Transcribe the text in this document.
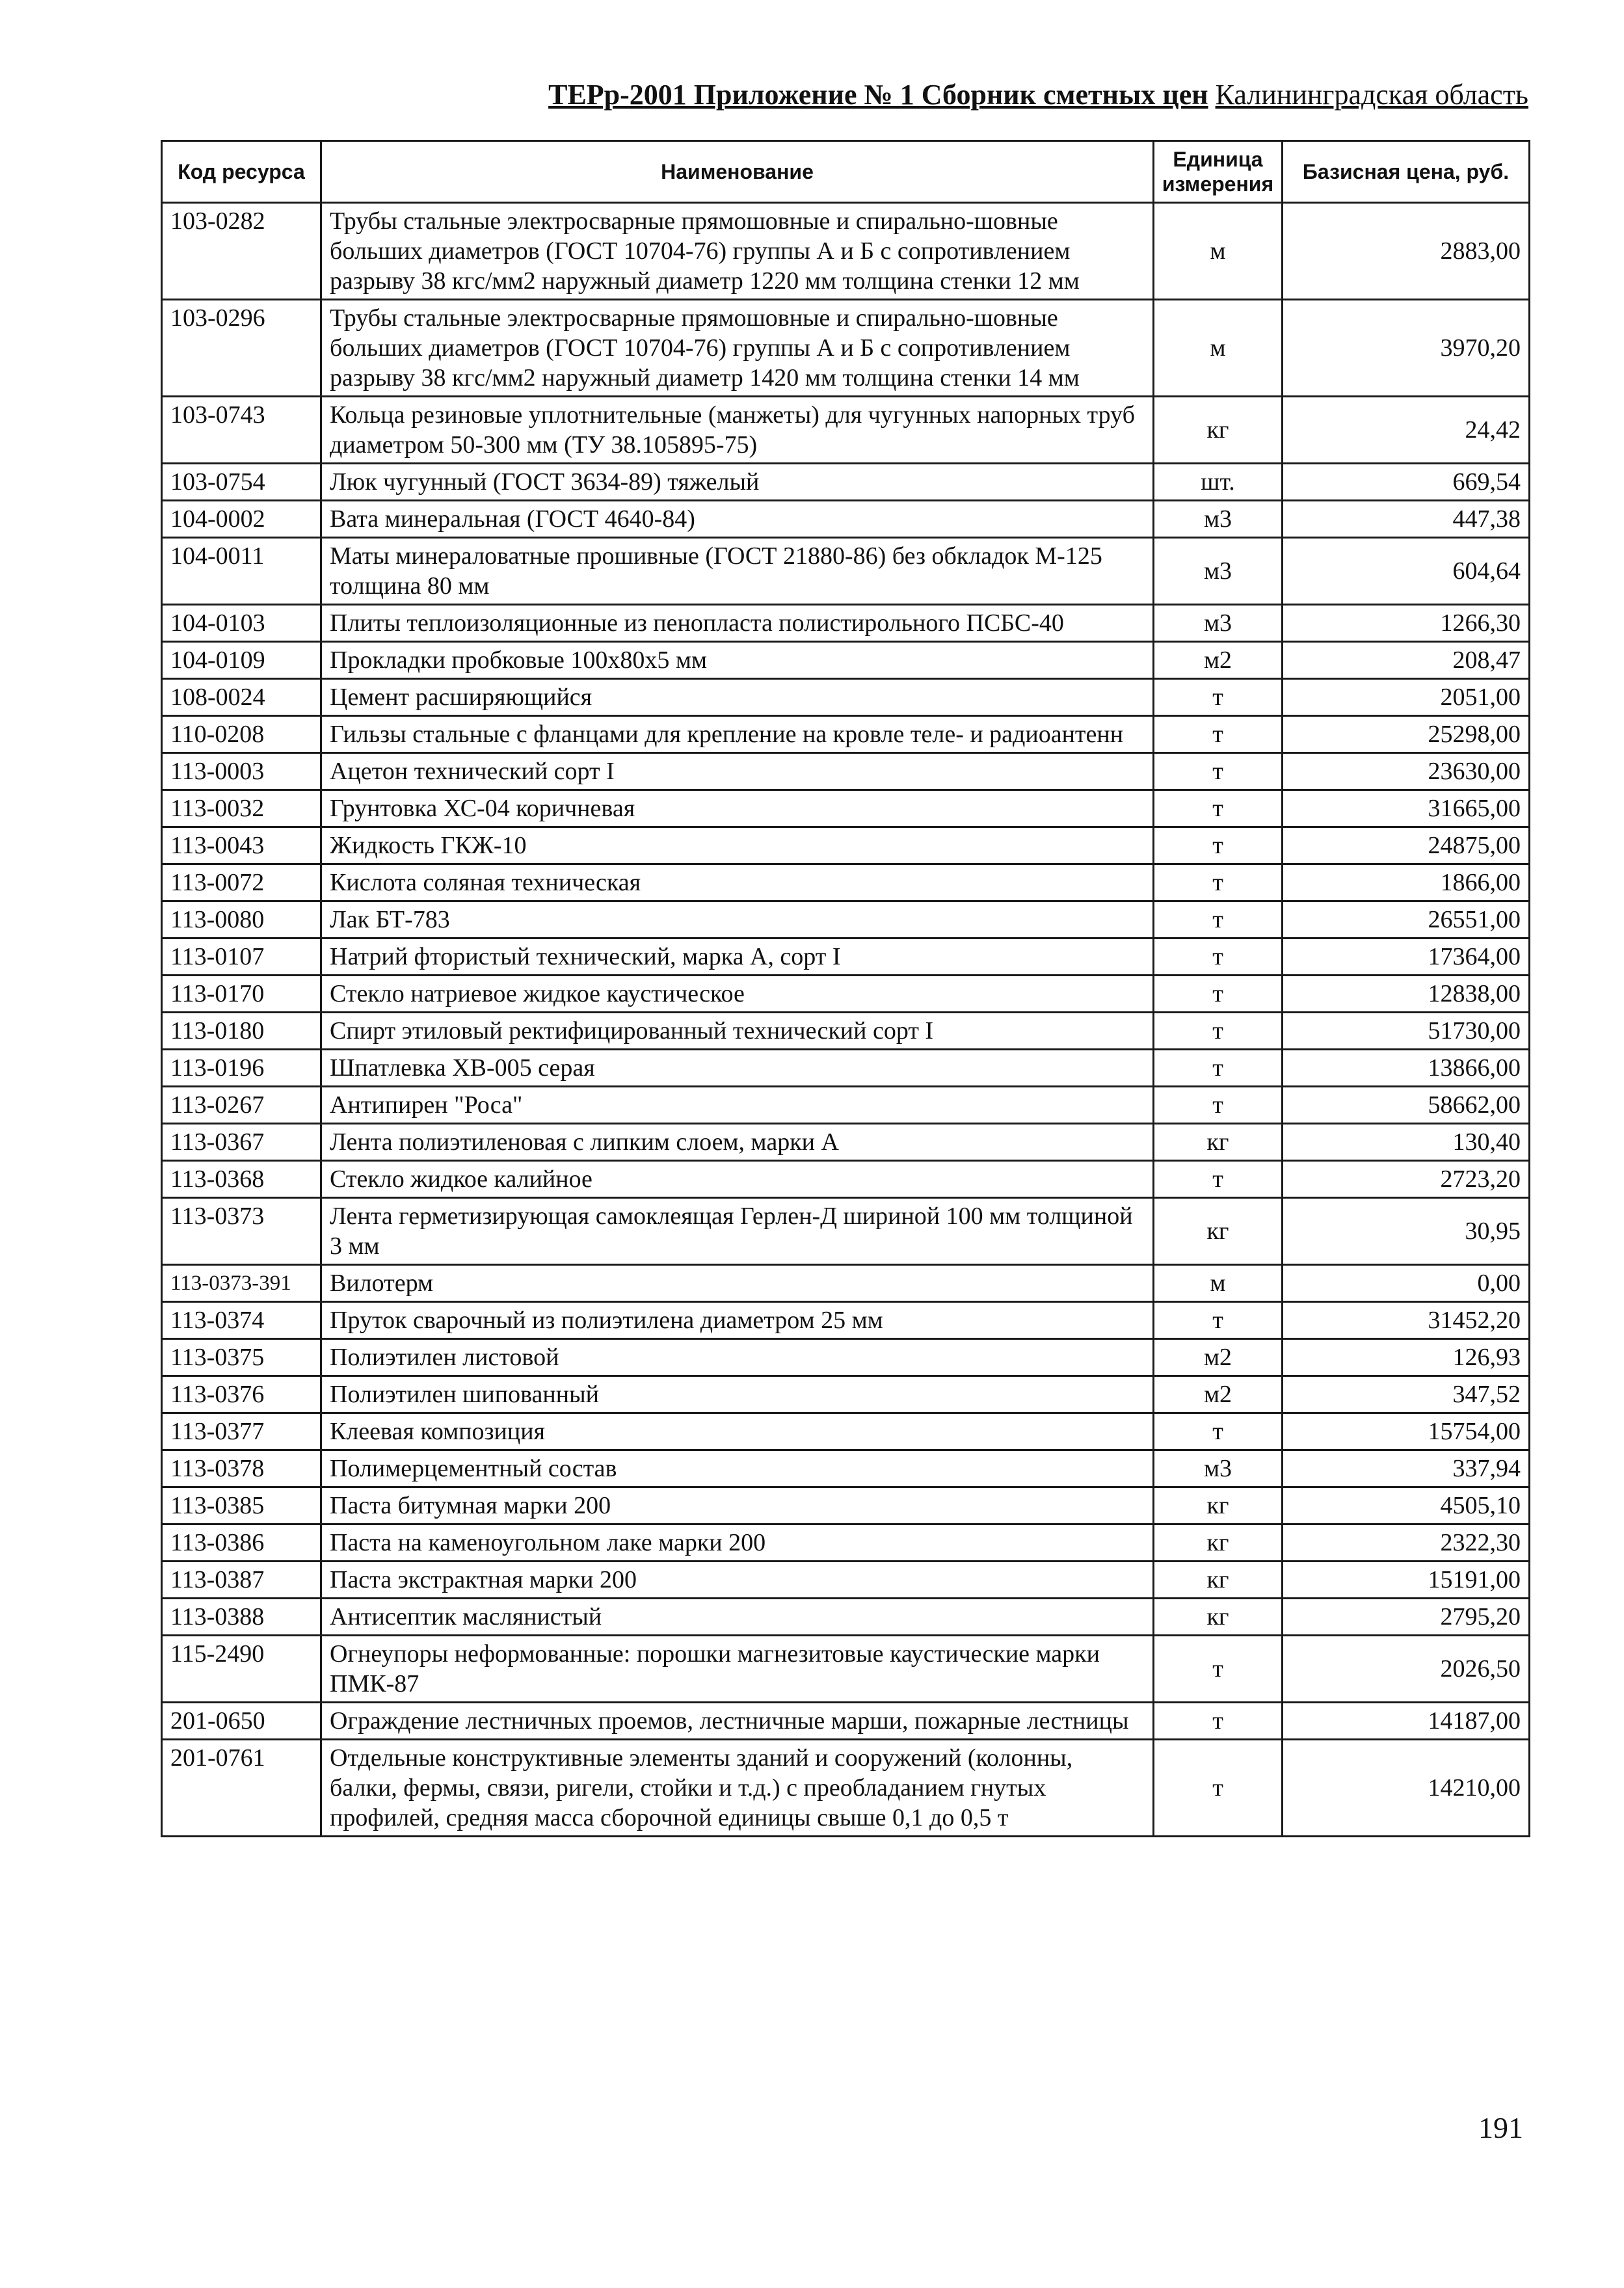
ТЕРр-2001 Приложение № 1 Сборник сметных цен Калининградская область
Код ресурса	Наименование	Единица измерения	Базисная цена, руб.
103-0282	Трубы стальные электросварные прямошовные и спирально-шовные больших диаметров (ГОСТ 10704-76) группы А и Б с сопротивлением разрыву 38 кгс/мм2 наружный диаметр 1220 мм толщина стенки 12 мм	м	2883,00
103-0296	Трубы стальные электросварные прямошовные и спирально-шовные больших диаметров (ГОСТ 10704-76) группы А и Б с сопротивлением разрыву 38 кгс/мм2 наружный диаметр 1420 мм толщина стенки 14 мм	м	3970,20
103-0743	Кольца резиновые уплотнительные (манжеты) для чугунных напорных труб диаметром 50-300 мм (ТУ 38.105895-75)	кг	24,42
103-0754	Люк чугунный (ГОСТ 3634-89) тяжелый	шт.	669,54
104-0002	Вата минеральная (ГОСТ 4640-84)	м3	447,38
104-0011	Маты минераловатные прошивные (ГОСТ 21880-86) без обкладок М-125 толщина 80 мм	м3	604,64
104-0103	Плиты теплоизоляционные из пенопласта полистирольного ПСБС-40	м3	1266,30
104-0109	Прокладки пробковые 100х80х5 мм	м2	208,47
108-0024	Цемент расширяющийся	т	2051,00
110-0208	Гильзы стальные с фланцами для крепление на кровле теле- и радиоантенн	т	25298,00
113-0003	Ацетон технический сорт I	т	23630,00
113-0032	Грунтовка ХС-04 коричневая	т	31665,00
113-0043	Жидкость ГКЖ-10	т	24875,00
113-0072	Кислота соляная техническая	т	1866,00
113-0080	Лак БТ-783	т	26551,00
113-0107	Натрий фтористый технический, марка А, сорт I	т	17364,00
113-0170	Стекло натриевое жидкое каустическое	т	12838,00
113-0180	Спирт этиловый ректифицированный технический сорт I	т	51730,00
113-0196	Шпатлевка ХВ-005 серая	т	13866,00
113-0267	Антипирен "Роса"	т	58662,00
113-0367	Лента полиэтиленовая с липким слоем, марки А	кг	130,40
113-0368	Стекло жидкое калийное	т	2723,20
113-0373	Лента герметизирующая самоклеящая Герлен-Д шириной 100 мм толщиной 3 мм	кг	30,95
113-0373-391	Вилотерм	м	0,00
113-0374	Пруток сварочный из полиэтилена диаметром 25 мм	т	31452,20
113-0375	Полиэтилен листовой	м2	126,93
113-0376	Полиэтилен шипованный	м2	347,52
113-0377	Клеевая композиция	т	15754,00
113-0378	Полимерцементный состав	м3	337,94
113-0385	Паста битумная марки 200	кг	4505,10
113-0386	Паста на каменоугольном лаке марки 200	кг	2322,30
113-0387	Паста экстрактная марки 200	кг	15191,00
113-0388	Антисептик маслянистый	кг	2795,20
115-2490	Огнеупоры неформованные: порошки магнезитовые каустические марки ПМК-87	т	2026,50
201-0650	Ограждение лестничных проемов, лестничные марши, пожарные лестницы	т	14187,00
201-0761	Отдельные конструктивные элементы зданий и сооружений (колонны, балки, фермы, связи, ригели, стойки и т.д.) с преобладанием гнутых профилей, средняя масса сборочной единицы свыше 0,1 до 0,5 т	т	14210,00
191
